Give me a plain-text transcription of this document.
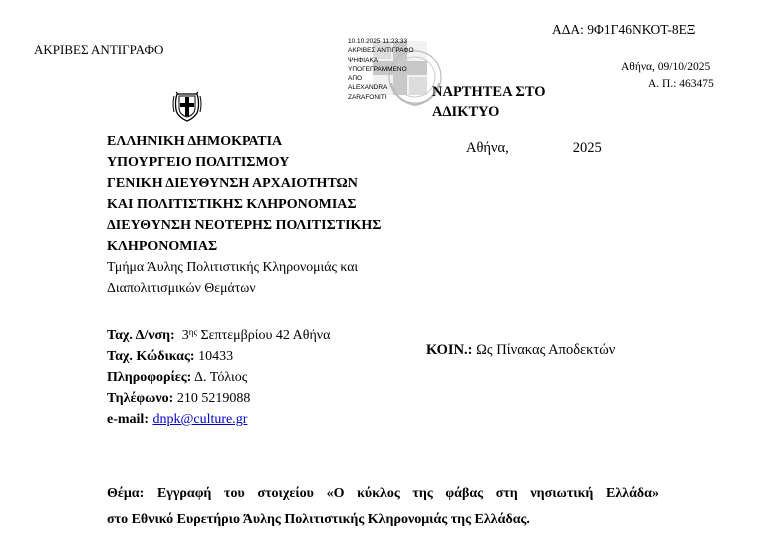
ΑΚΡΙΒΕΣ ΑΝΤΙΓΡΑΦΟ
ΑΔΑ: 9Φ1Γ46ΝΚΟΤ-8ΕΞ
Αθήνα, 09/10/2025
Α. Π.: 463475
10.10.2025 11:23:33
ΑΚΡΙΒΕΣ ΑΝΤΙΓΡΑΦΟ
ΨΗΦΙΑΚΑ
ΥΠΟΓΕΓΡΑΜΜΕΝΟ
ΑΠΟ
ALEXANDRA
ZARAFONITI	ΝΑΡΤΗΤΕΑ ΣΤΟ
ΑΔΙΚΤΥΟ
ΕΛΛΗΝΙΚΗ ΔΗΜΟΚΡΑΤΙΑ
ΥΠΟΥΡΓΕΙΟ ΠΟΛΙΤΙΣΜΟΥ
ΓΕΝΙΚΗ ΔΙΕΥΘΥΝΣΗ ΑΡΧΑΙΟΤΗΤΩΝ
ΚΑΙ ΠΟΛΙΤΙΣΤΙΚΗΣ ΚΛΗΡΟΝΟΜΙΑΣ
ΔΙΕΥΘΥΝΣΗ ΝΕΟΤΕΡΗΣ ΠΟΛΙΤΙΣΤΙΚΗΣ
ΚΛΗΡΟΝΟΜΙΑΣ
Τμήμα Άυλης Πολιτιστικής Κληρονομιάς και
Διαπολιτισμικών Θεμάτων
Αθήνα,	2025
Ταχ. Δ/νση: $3^{\eta\varsigma}$ Σεπτεμβρίου 42 Αθήνα
Ταχ. Κώδικας: 10433
Πληροφορίες: Δ. Τόλιος
Τηλέφωνο: 210 5219088
e-mail: dnpk@culture.gr
ΚΟΙΝ.: Ως Πίνακας Αποδεκτών
Θέμα: Εγγραφή του στοιχείου «Ο κύκλος της φάβας στη νησιωτική Ελλάδα»
στο Εθνικό Ευρετήριο Άυλης Πολιτιστικής Κληρονομιάς της Ελλάδας.
